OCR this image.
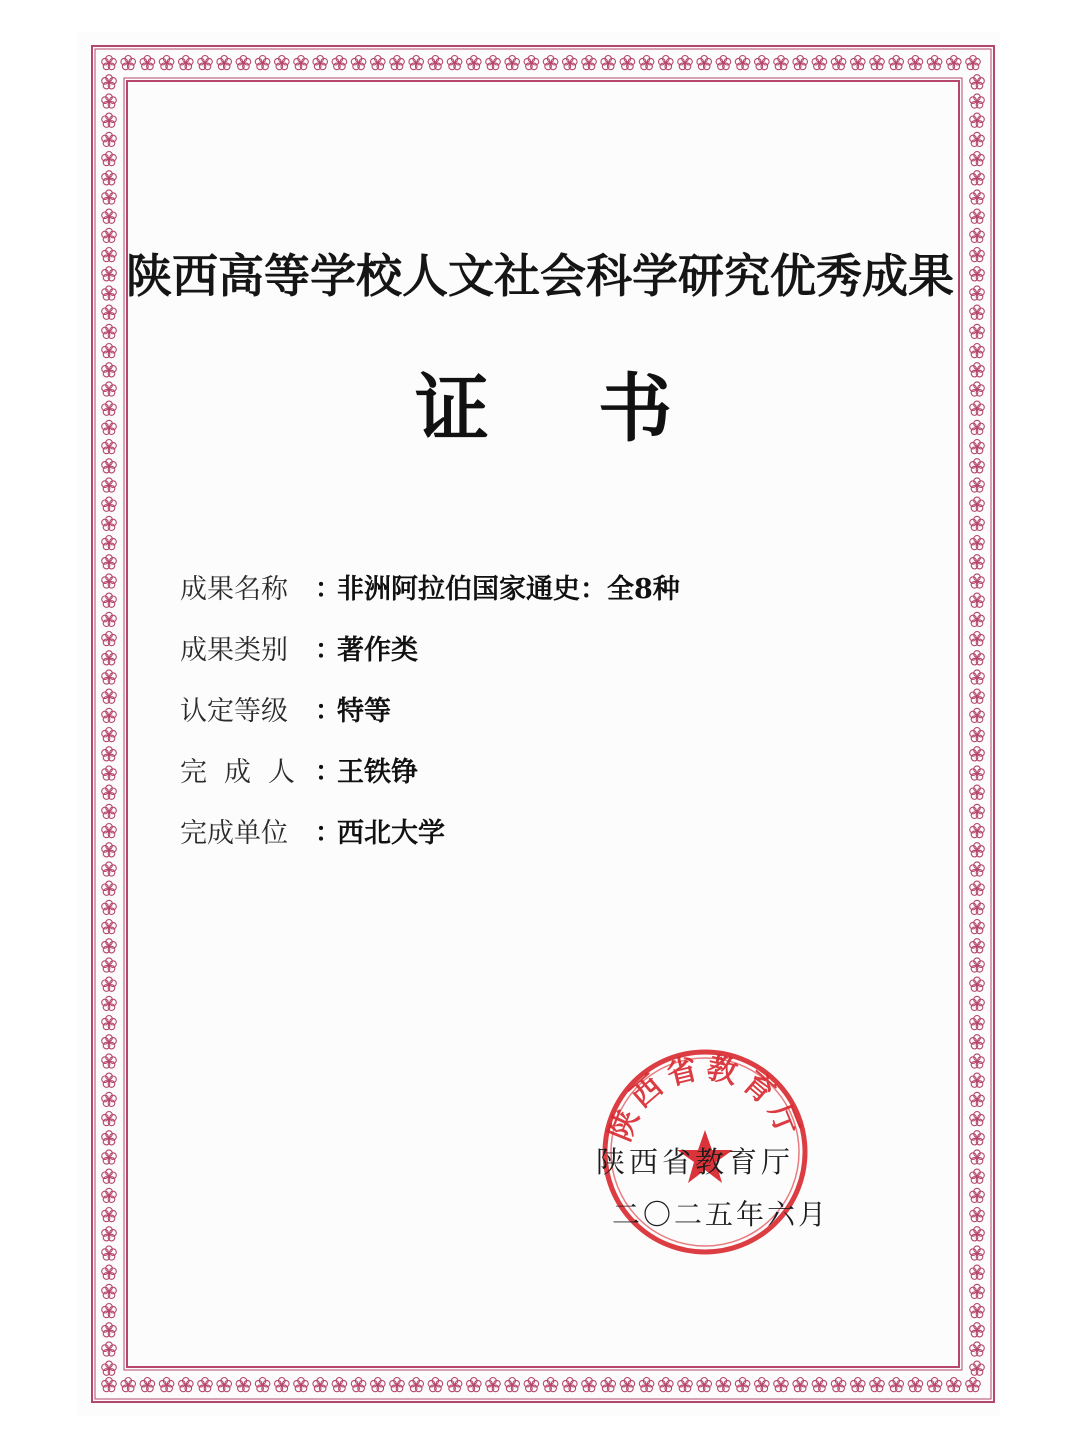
陕西高等学校人文社会科学研究优秀成果
证 书
成果名称	：
非洲阿拉伯国家通史：全8种
成果类别	：
著作类
认定等级	：
特等
完成人 ：
王铁铮
完成单位	：
西北大学
陕西省教育厅
陕西省教育厅
二〇二五年六月
